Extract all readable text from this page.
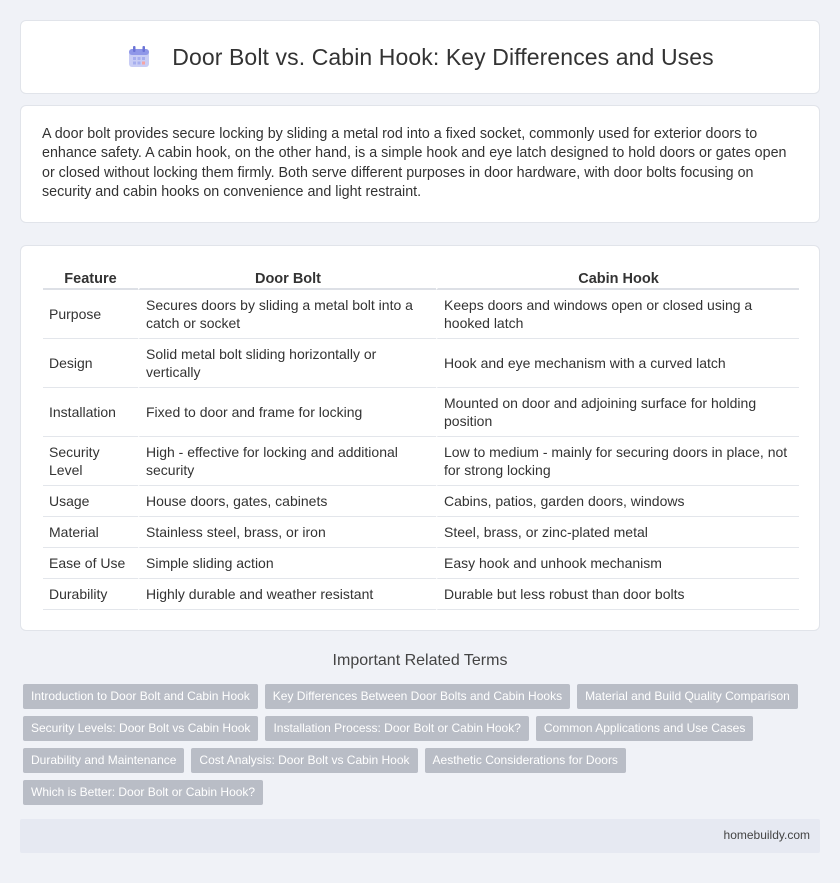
Door Bolt vs. Cabin Hook: Key Differences and Uses

A door bolt provides secure locking by sliding a metal rod into a fixed socket, commonly used for exterior doors to enhance safety. A cabin hook, on the other hand, is a simple hook and eye latch designed to hold doors or gates open or closed without locking them firmly. Both serve different purposes in door hardware, with door bolts focusing on security and cabin hooks on convenience and light restraint.

Feature	Door Bolt	Cabin Hook
Purpose	Secures doors by sliding a metal bolt into a catch or socket	Keeps doors and windows open or closed using a hooked latch
Design	Solid metal bolt sliding horizontally or vertically	Hook and eye mechanism with a curved latch
Installation	Fixed to door and frame for locking	Mounted on door and adjoining surface for holding position
Security Level	High - effective for locking and additional security	Low to medium - mainly for securing doors in place, not for strong locking
Usage	House doors, gates, cabinets	Cabins, patios, garden doors, windows
Material	Stainless steel, brass, or iron	Steel, brass, or zinc-plated metal
Ease of Use	Simple sliding action	Easy hook and unhook mechanism
Durability	Highly durable and weather resistant	Durable but less robust than door bolts
Important Related Terms
Introduction to Door Bolt and Cabin Hook	Key Differences Between Door Bolts and Cabin Hooks	Material and Build Quality Comparison
Security Levels: Door Bolt vs Cabin Hook	Installation Process: Door Bolt or Cabin Hook?	Common Applications and Use Cases
Durability and Maintenance	Cost Analysis: Door Bolt vs Cabin Hook	Aesthetic Considerations for Doors
Which is Better: Door Bolt or Cabin Hook?
homebuildy.com
